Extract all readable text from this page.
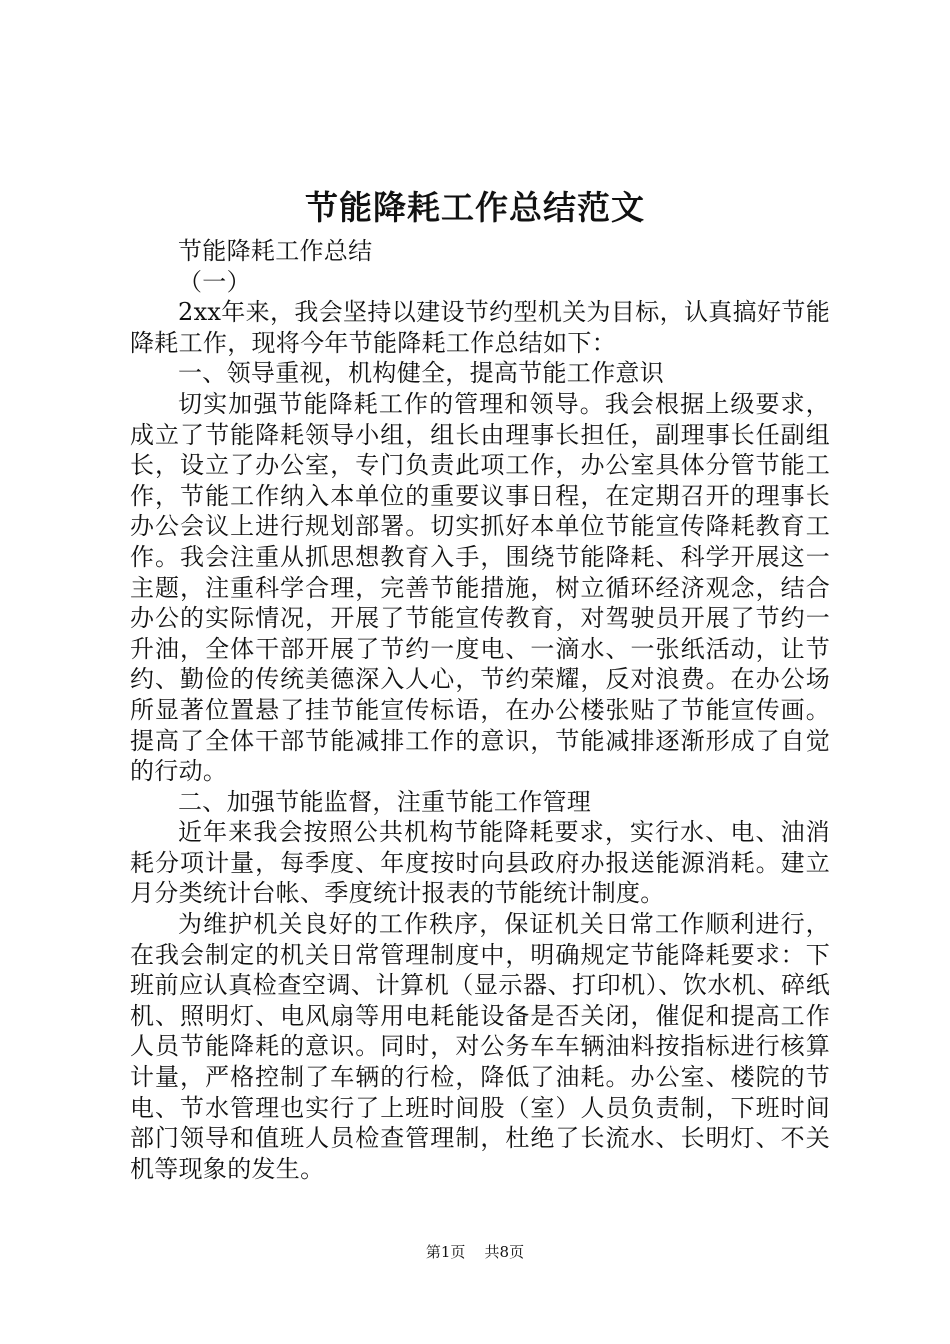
节能降耗工作总结范文

节能降耗工作总结

（一）

2xx年来，我会坚持以建设节约型机关为目标，认真搞好节能降耗工作，现将今年节能降耗工作总结如下：

一、领导重视，机构健全，提高节能工作意识

切实加强节能降耗工作的管理和领导。我会根据上级要求，成立了节能降耗领导小组，组长由理事长担任，副理事长任副组长，设立了办公室，专门负责此项工作，办公室具体分管节能工作，节能工作纳入本单位的重要议事日程，在定期召开的理事长办公会议上进行规划部署。切实抓好本单位节能宣传降耗教育工作。我会注重从抓思想教育入手，围绕节能降耗、科学开展这一主题，注重科学合理，完善节能措施，树立循环经济观念，结合办公的实际情况，开展了节能宣传教育，对驾驶员开展了节约一升油，全体干部开展了节约一度电、一滴水、一张纸活动，让节约、勤俭的传统美德深入人心，节约荣耀，反对浪费。在办公场所显著位置悬了挂节能宣传标语，在办公楼张贴了节能宣传画。提高了全体干部节能减排工作的意识，节能减排逐渐形成了自觉的行动。

二、加强节能监督，注重节能工作管理

近年来我会按照公共机构节能降耗要求，实行水、电、油消耗分项计量，每季度、年度按时向县政府办报送能源消耗。建立月分类统计台帐、季度统计报表的节能统计制度。

为维护机关良好的工作秩序，保证机关日常工作顺利进行，在我会制定的机关日常管理制度中，明确规定节能降耗要求：下班前应认真检查空调、计算机（显示器、打印机）、饮水机、碎纸机、照明灯、电风扇等用电耗能设备是否关闭，催促和提高工作人员节能降耗的意识。同时，对公务车车辆油料按指标进行核算计量，严格控制了车辆的行检，降低了油耗。办公室、楼院的节电、节水管理也实行了上班时间股（室）人员负责制，下班时间部门领导和值班人员检查管理制，杜绝了长流水、长明灯、不关机等现象的发生。

第1页 共8页
